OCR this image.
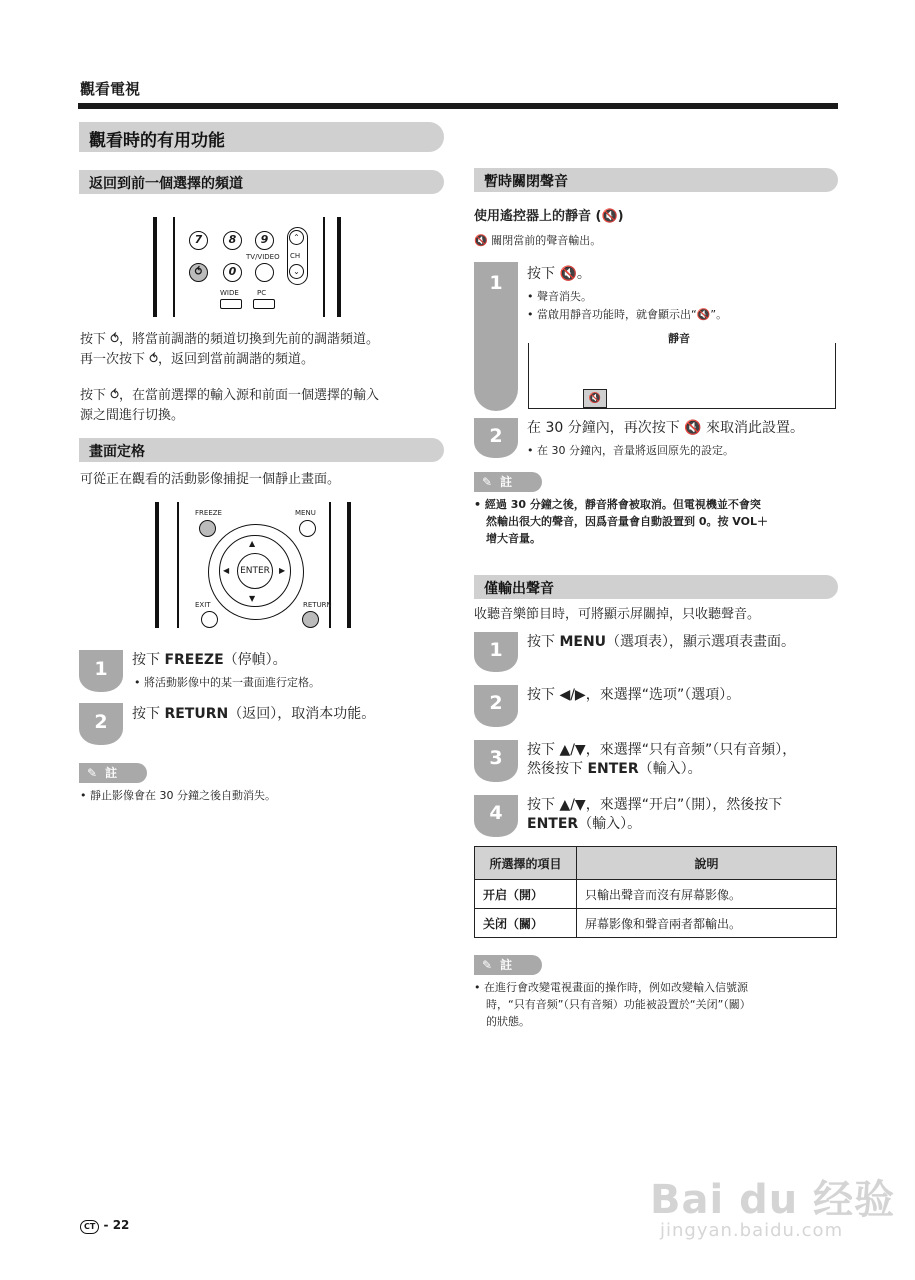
觀看電視
觀看時的有用功能
返回到前一個選擇的頻道
7	8	9
⥀	0
TV/VIDEO
⌃
CH
⌄
WIDE	PC
按下 ⥀，將當前調諧的頻道切換到先前的調諧頻道。
再一次按下 ⥀，返回到當前調諧的頻道。
按下 ⥀，在當前選擇的輸入源和前面一個選擇的輸入
源之間進行切換。
畫面定格
可從正在觀看的活動影像捕捉一個靜止畫面。
FREEZE	MENU
▲
▼
◀	▶
ENTER
EXIT	RETURN
1	按下 FREEZE（停幀）。
• 將活動影像中的某一畫面進行定格。
2	按下 RETURN（返回），取消本功能。
✎ 註
• 靜止影像會在 30 分鐘之後自動消失。
暫時關閉聲音
使用遙控器上的靜音 (🔇)
🔇 關閉當前的聲音輸出。
1	按下 🔇。
• 聲音消失。
• 當啟用靜音功能時，就會顯示出“🔇”。
🔇
靜音
2	在 30 分鐘內，再次按下 🔇 來取消此設置。
• 在 30 分鐘內，音量將返回原先的設定。
✎ 註
• 經過 30 分鐘之後，靜音將會被取消。但電視機並不會突
然輸出很大的聲音，因爲音量會自動設置到 0。按 VOL＋
增大音量。
僅輸出聲音
收聽音樂節目時，可將顯示屏關掉，只收聽聲音。
1	按下 MENU（選項表），顯示選項表畫面。
2	按下 ◀/▶，來選擇“选项”（選項）。
3	按下 ▲/▼，來選擇“只有音频”（只有音頻），
然後按下 ENTER（輸入）。
4	按下 ▲/▼，來選擇“开启”（開），然後按下
ENTER（輸入）。
所選擇的項目	說明
开启（開）	只輸出聲音而沒有屏幕影像。
关闭（關）	屏幕影像和聲音兩者都輸出。
✎ 註
• 在進行會改變電視畫面的操作時，例如改變輸入信號源
時，“只有音频”（只有音頻）功能被設置於“关闭”（關）
的狀態。
CT - 22
Bai du 经验
jingyan.baidu.com
